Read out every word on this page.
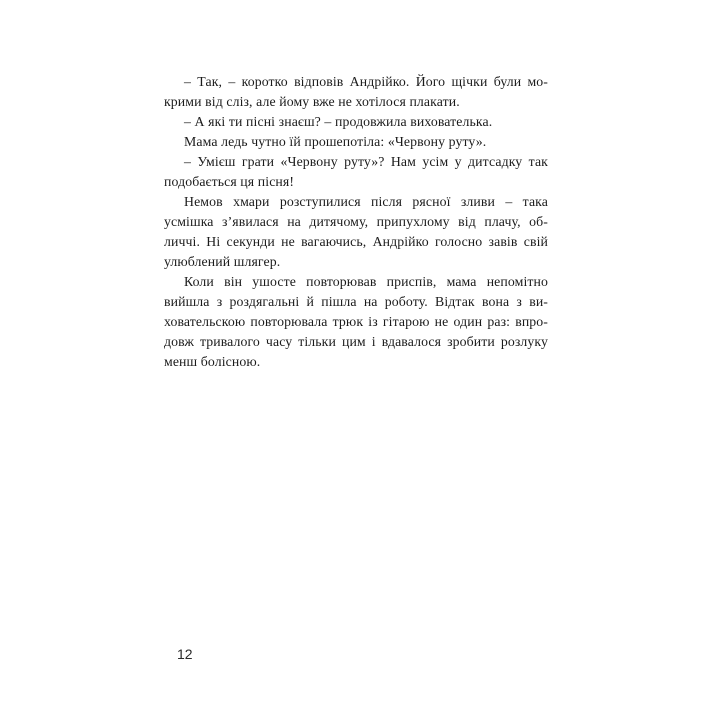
– Так, – коротко відповів Андрійко. Його щічки були мо-
крими від сліз, але йому вже не хотілося плакати.
– А які ти пісні знаєш? – продовжила вихователька.
Мама ледь чутно їй прошепотіла: «Червону руту».
– Умієш грати «Червону руту»? Нам усім у дитсадку так
подобається ця пісня!
Немов хмари розступилися після рясної зливи – така
усмішка з’явилася на дитячому, припухлому від плачу, об-
личчі. Ні секунди не вагаючись, Андрійко голосно завів свій
улюблений шлягер.
Коли він ушосте повторював приспів, мама непомітно
вийшла з роздягальні й пішла на роботу. Відтак вона з ви-
ховательскою повторювала трюк із гітарою не один раз: впро-
довж тривалого часу тільки цим і вдавалося зробити розлуку
менш болісною.
12
